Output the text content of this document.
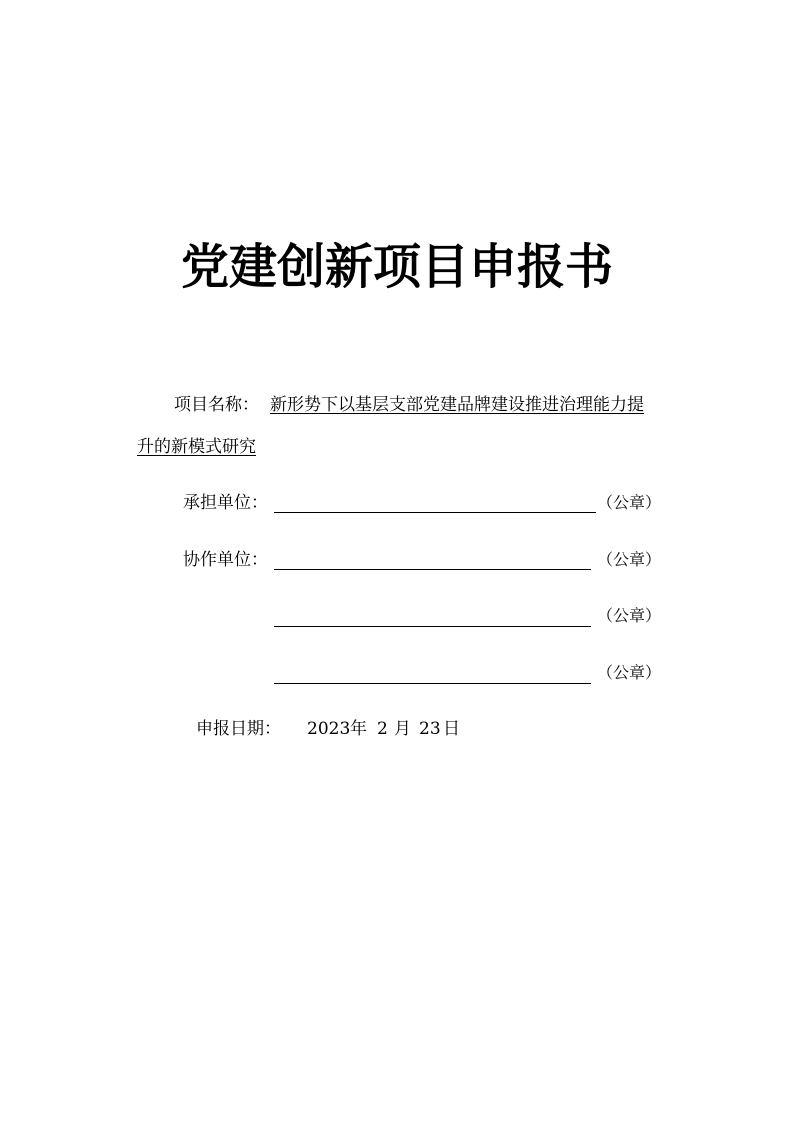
党建创新项目申报书
项目名称： 新形势下以基层支部党建品牌建设推进治理能力提
升的新模式研究
承担单位：	（公章）
协作单位：	（公章）
（公章）
（公章）
申报日期： 2023 年 2 月 23 日
